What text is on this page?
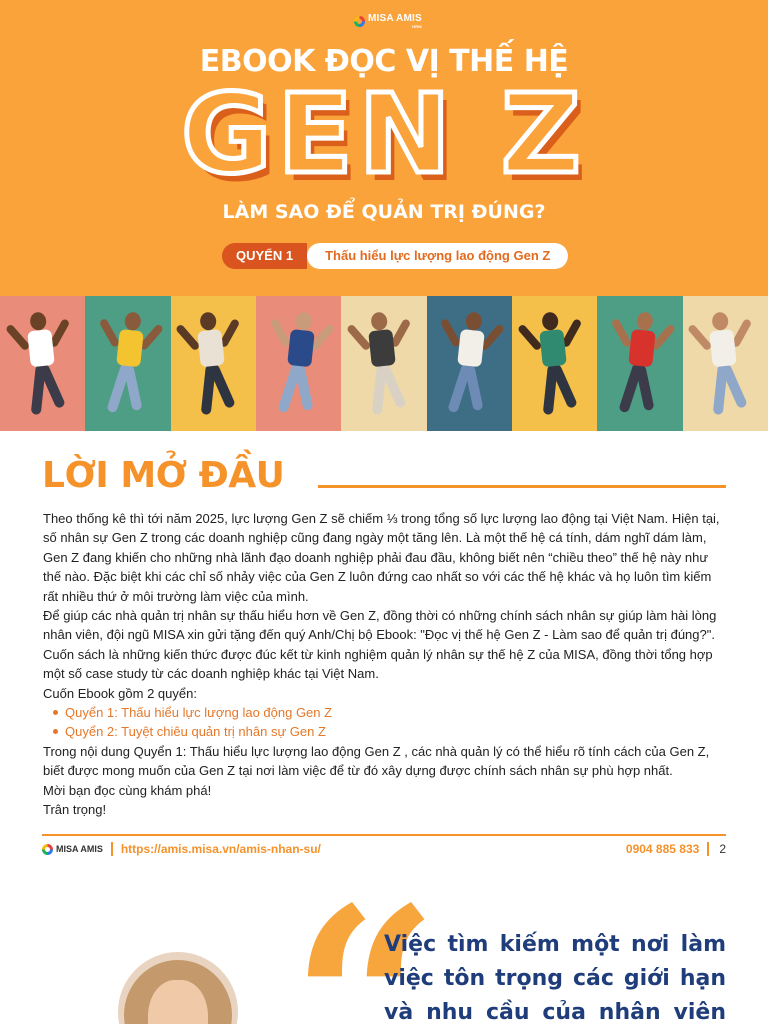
MISA AMIS
HRM
EBOOK ĐỌC VỊ THẾ HỆ
GEN Z
LÀM SAO ĐỂ QUẢN TRỊ ĐÚNG?
QUYỂN 1	Thấu hiểu lực lượng lao động Gen Z
LỜI MỞ ĐẦU

Theo thống kê thì tới năm 2025, lực lượng Gen Z sẽ chiếm ⅓ trong tổng số lực lượng lao động tại Việt Nam. Hiện tại, số nhân sự Gen Z trong các doanh nghiệp cũng đang ngày một tăng lên. Là một thế hệ cá tính, dám nghĩ dám làm, Gen Z đang khiến cho những nhà lãnh đạo doanh nghiệp phải đau đầu, không biết nên “chiều theo” thế hệ này như thế nào. Đặc biệt khi các chỉ số nhảy việc của Gen Z luôn đứng cao nhất so với các thế hệ khác và họ luôn tìm kiếm rất nhiều thứ ở môi trường làm việc của mình.

Để giúp các nhà quản trị nhân sự thấu hiểu hơn về Gen Z, đồng thời có những chính sách nhân sự giúp làm hài lòng nhân viên, đội ngũ MISA xin gửi tặng đến quý Anh/Chị bộ Ebook: "Đọc vị thế hệ Gen Z - Làm sao để quản trị đúng?". Cuốn sách là những kiến thức được đúc kết từ kinh nghiệm quản lý nhân sự thế hệ Z của MISA, đồng thời tổng hợp một số case study từ các doanh nghiệp khác tại Việt Nam.

Cuốn Ebook gồm 2 quyển:

Quyển 1: Thấu hiểu lực lượng lao động Gen Z
Quyển 2: Tuyệt chiêu quản trị nhân sự Gen Z

Trong nội dung Quyển 1: Thấu hiểu lực lượng lao động Gen Z , các nhà quản lý có thể hiểu rõ tính cách của Gen Z, biết được mong muốn của Gen Z tại nơi làm việc để từ đó xây dựng được chính sách nhân sự phù hợp nhất.

Mời bạn đọc cùng khám phá!

Trân trọng!

MISA AMIS https://amis.misa.vn/amis-nhan-su/	0904 885 833 2
“
Việc tìm kiếm một nơi làm việc tôn trọng các giới hạn và nhu cầu của nhân viên
